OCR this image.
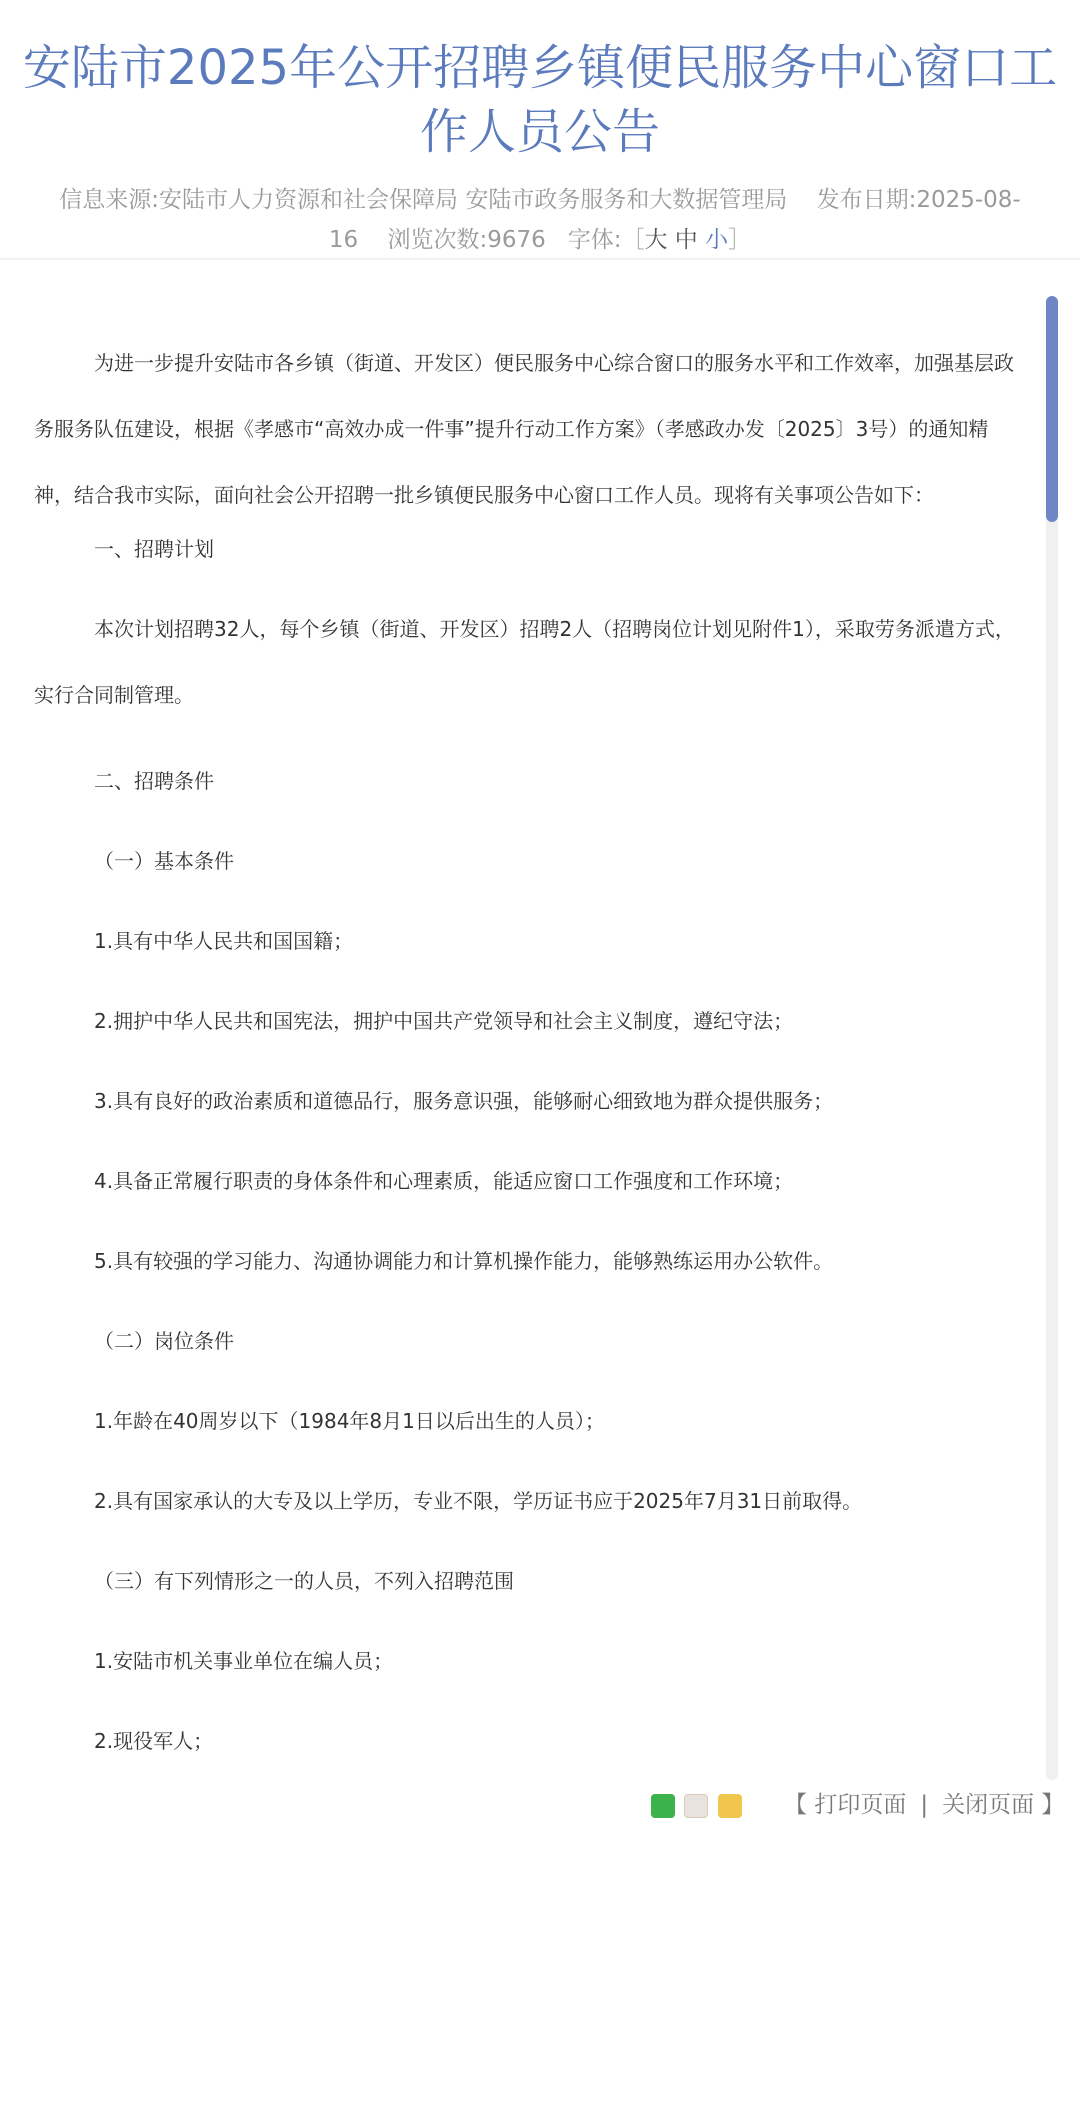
安陆市2025年公开招聘乡镇便民服务中心窗口工作人员公告
信息来源:安陆市人力资源和社会保障局 安陆市政务服务和大数据管理局 发布日期:2025-08-16 浏览次数:9676 字体:［大 中 小］

为进一步提升安陆市各乡镇（街道、开发区）便民服务中心综合窗口的服务水平和工作效率，加强基层政务服务队伍建设，根据《孝感市“高效办成一件事”提升行动工作方案》（孝感政办发〔2025〕3号）的通知精神，结合我市实际，面向社会公开招聘一批乡镇便民服务中心窗口工作人员。现将有关事项公告如下：

一、招聘计划

本次计划招聘32人，每个乡镇（街道、开发区）招聘2人（招聘岗位计划见附件1），采取劳务派遣方式，实行合同制管理。

二、招聘条件

（一）基本条件

1.具有中华人民共和国国籍；

2.拥护中华人民共和国宪法，拥护中国共产党领导和社会主义制度，遵纪守法；

3.具有良好的政治素质和道德品行，服务意识强，能够耐心细致地为群众提供服务；

4.具备正常履行职责的身体条件和心理素质，能适应窗口工作强度和工作环境；

5.具有较强的学习能力、沟通协调能力和计算机操作能力，能够熟练运用办公软件。

（二）岗位条件

1.年龄在40周岁以下（1984年8月1日以后出生的人员）；

2.具有国家承认的大专及以上学历，专业不限，学历证书应于2025年7月31日前取得。

（三）有下列情形之一的人员，不列入招聘范围

1.安陆市机关事业单位在编人员；

2.现役军人；

【 打印页面 | 关闭页面 】
